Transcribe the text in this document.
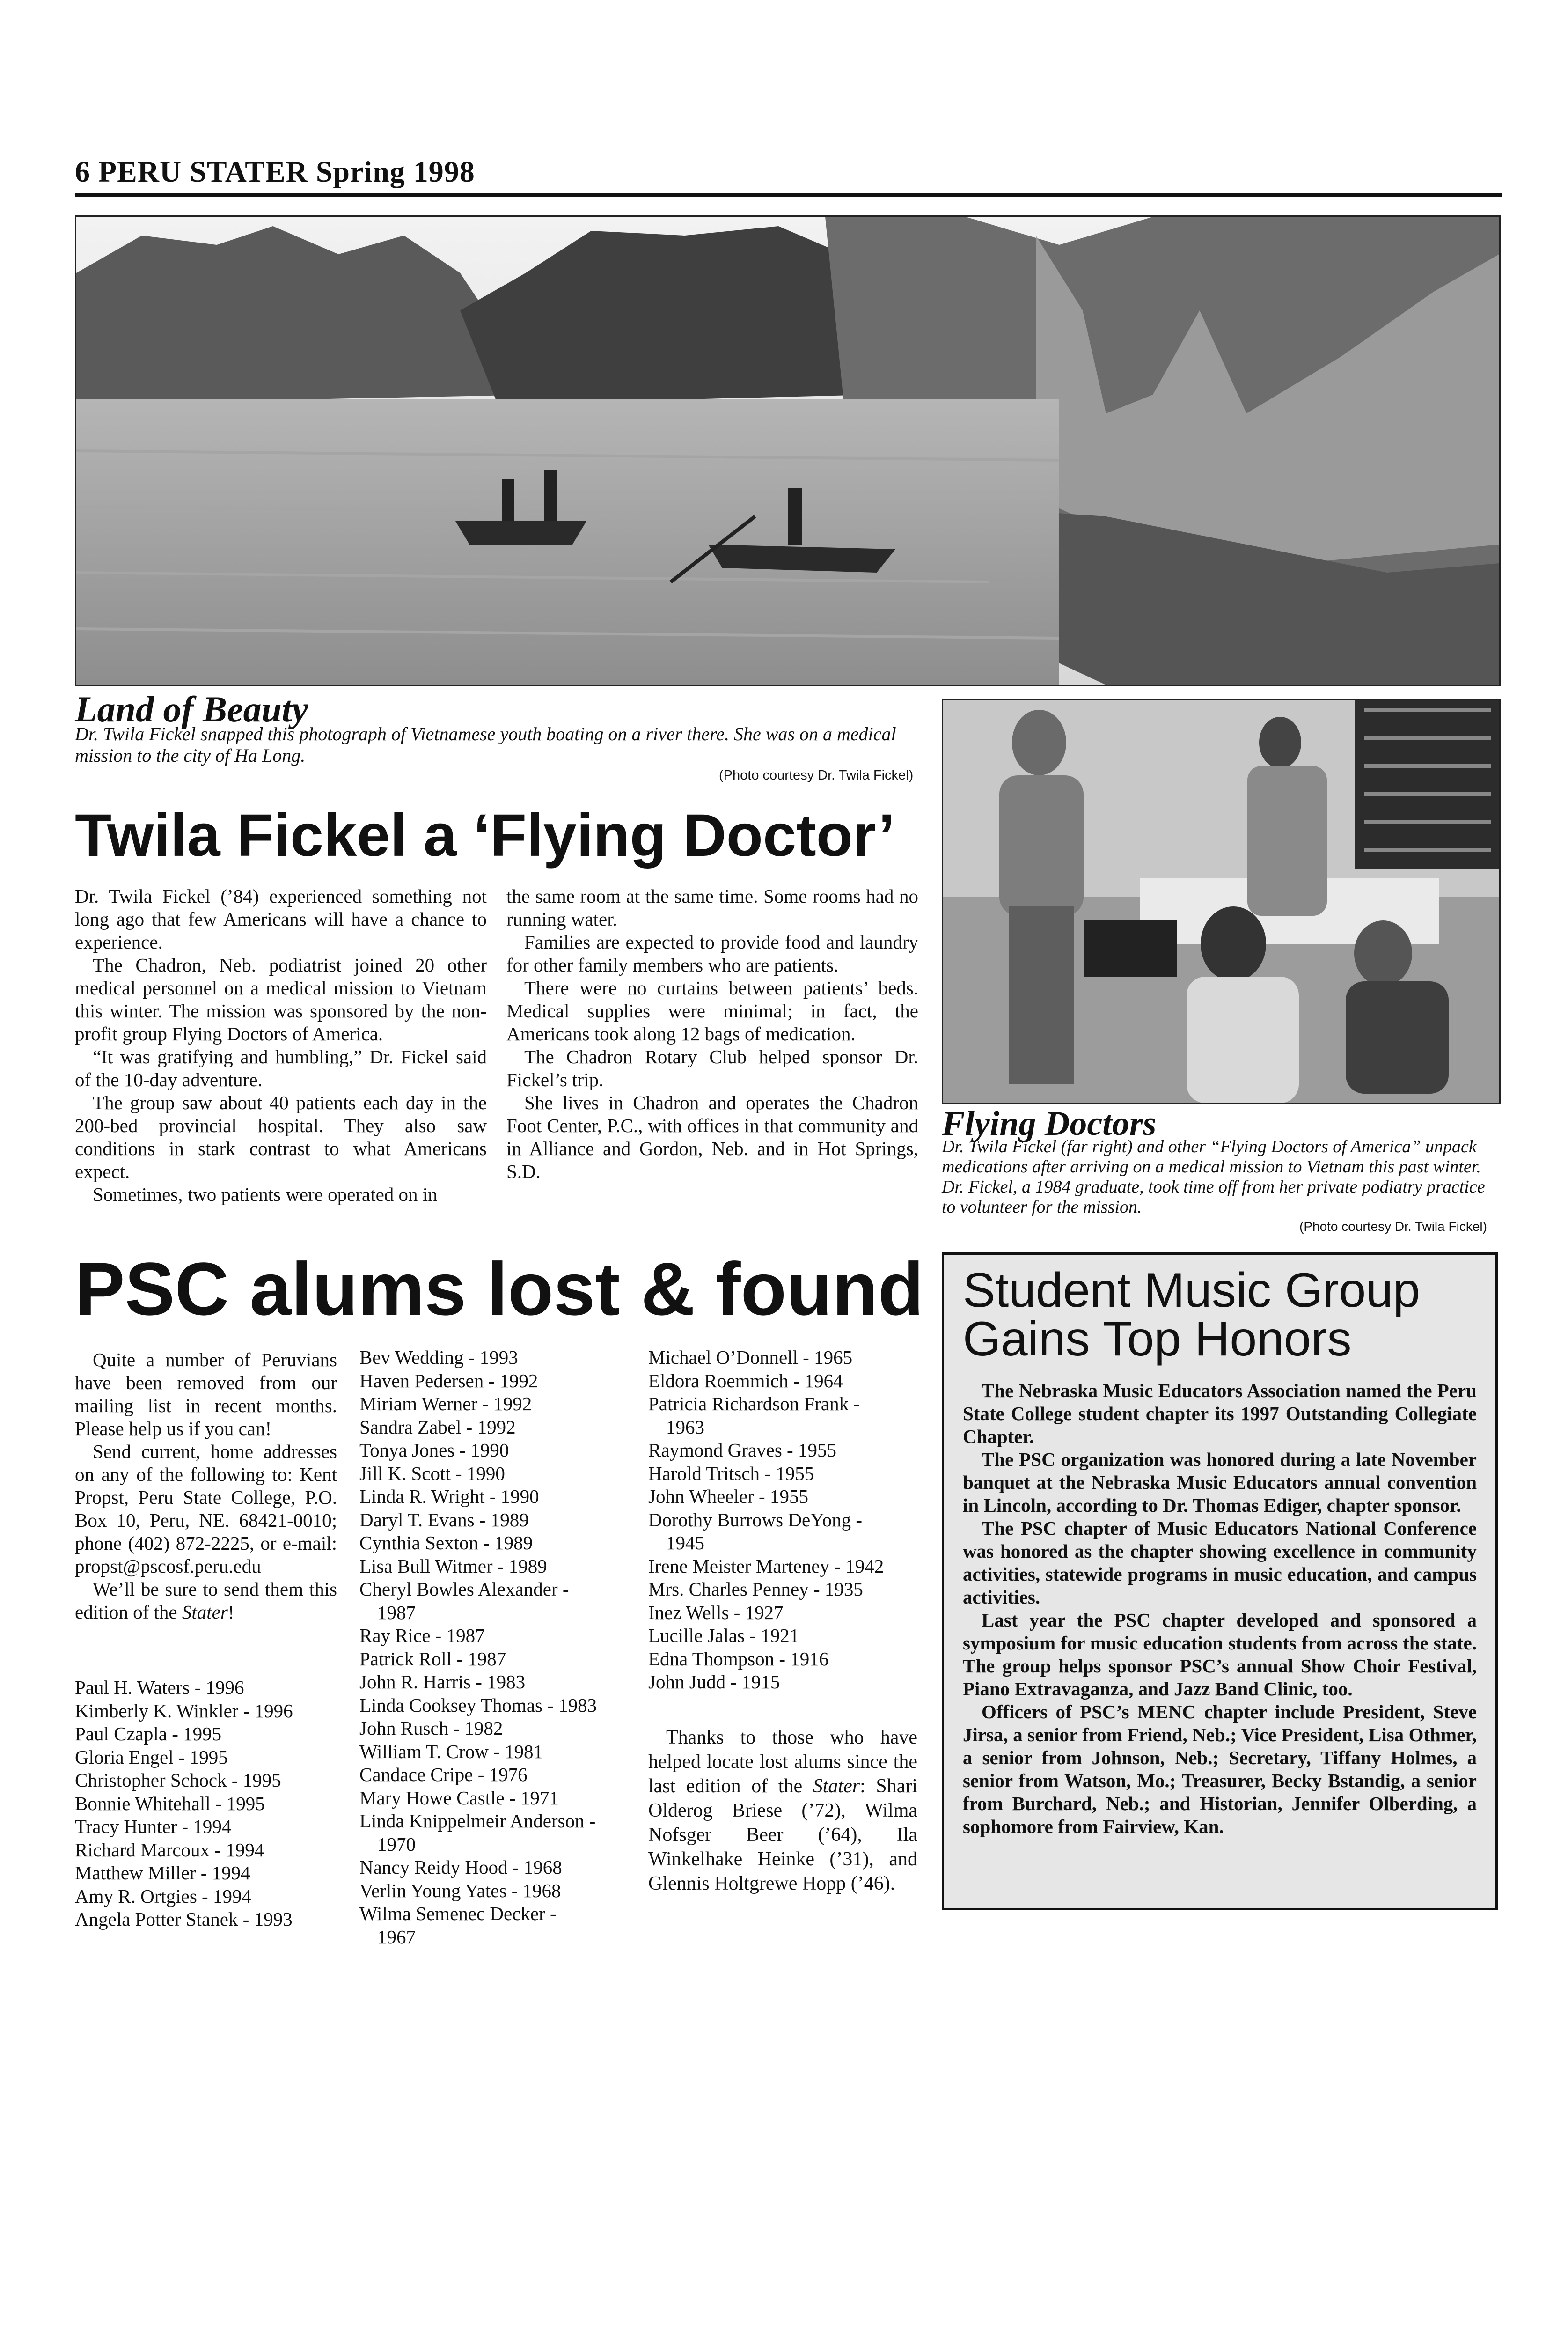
6 PERU STATER Spring 1998
Land of Beauty
Dr. Twila Fickel snapped this photograph of Vietnamese youth boating on a river there. She was on a medical mission to the city of Ha Long.
(Photo courtesy Dr. Twila Fickel)
Twila Fickel a ‘Flying Doctor’

Dr. Twila Fickel (’84) experienced something not long ago that few Americans will have a chance to experience.

The Chadron, Neb. podiatrist joined 20 other medical personnel on a medical mission to Vietnam this winter. The mission was sponsored by the non-profit group Flying Doctors of America.

“It was gratifying and humbling,” Dr. Fickel said of the 10-day adventure.

The group saw about 40 patients each day in the 200-bed provincial hospital. They also saw conditions in stark contrast to what Americans expect.

Sometimes, two patients were operated on in

the same room at the same time. Some rooms had no running water.

Families are expected to provide food and laundry for other family members who are patients.

There were no curtains between patients’ beds. Medical supplies were minimal; in fact, the Americans took along 12 bags of medication.

The Chadron Rotary Club helped sponsor Dr. Fickel’s trip.

She lives in Chadron and operates the Chadron Foot Center, P.C., with offices in that community and in Alliance and Gordon, Neb. and in Hot Springs, S.D.

Flying Doctors
Dr. Twila Fickel (far right) and other “Flying Doctors of America” unpack medications after arriving on a medical mission to Vietnam this past winter. Dr. Fickel, a 1984 graduate, took time off from her private podiatry practice to volunteer for the mission.
(Photo courtesy Dr. Twila Fickel)
PSC alums lost & found

Quite a number of Peruvians have been removed from our mailing list in recent months. Please help us if you can!

Send current, home addresses on any of the following to: Kent Propst, Peru State College, P.O. Box 10, Peru, NE. 68421-0010; phone (402) 872-2225, or e-mail: propst@pscosf.peru.edu

We’ll be sure to send them this edition of the Stater!

Paul H. Waters - 1996
Kimberly K. Winkler - 1996
Paul Czapla - 1995
Gloria Engel - 1995
Christopher Schock - 1995
Bonnie Whitehall - 1995
Tracy Hunter - 1994
Richard Marcoux - 1994
Matthew Miller - 1994
Amy R. Ortgies - 1994
Angela Potter Stanek - 1993
Bev Wedding - 1993
Haven Pedersen - 1992
Miriam Werner - 1992
Sandra Zabel - 1992
Tonya Jones - 1990
Jill K. Scott - 1990
Linda R. Wright - 1990
Daryl T. Evans - 1989
Cynthia Sexton - 1989
Lisa Bull Witmer - 1989
Cheryl Bowles Alexander -
1987
Ray Rice - 1987
Patrick Roll - 1987
John R. Harris - 1983
Linda Cooksey Thomas - 1983
John Rusch - 1982
William T. Crow - 1981
Candace Cripe - 1976
Mary Howe Castle - 1971
Linda Knippelmeir Anderson -
1970
Nancy Reidy Hood - 1968
Verlin Young Yates - 1968
Wilma Semenec Decker -
1967
Michael O’Donnell - 1965
Eldora Roemmich - 1964
Patricia Richardson Frank -
1963
Raymond Graves - 1955
Harold Tritsch - 1955
John Wheeler - 1955
Dorothy Burrows DeYong -
1945
Irene Meister Marteney - 1942
Mrs. Charles Penney - 1935
Inez Wells - 1927
Lucille Jalas - 1921
Edna Thompson - 1916
John Judd - 1915

Thanks to those who have helped locate lost alums since the last edition of the Stater: Shari Olderog Briese (’72), Wilma Nofsger Beer (’64), Ila Winkelhake Heinke (’31), and Glennis Holtgrewe Hopp (’46).

Student Music Group
Gains Top Honors

The Nebraska Music Educators Association named the Peru State College student chapter its 1997 Outstanding Collegiate Chapter.

The PSC organization was honored during a late November banquet at the Nebraska Music Educators annual convention in Lincoln, according to Dr. Thomas Ediger, chapter sponsor.

The PSC chapter of Music Educators National Conference was honored as the chapter showing excellence in community activities, statewide programs in music education, and campus activities.

Last year the PSC chapter developed and sponsored a symposium for music education students from across the state. The group helps sponsor PSC’s annual Show Choir Festival, Piano Extravaganza, and Jazz Band Clinic, too.

Officers of PSC’s MENC chapter include President, Steve Jirsa, a senior from Friend, Neb.; Vice President, Lisa Othmer, a senior from Johnson, Neb.; Secretary, Tiffany Holmes, a senior from Watson, Mo.; Treasurer, Becky Bstandig, a senior from Burchard, Neb.; and Historian, Jennifer Olberding, a sophomore from Fairview, Kan.
